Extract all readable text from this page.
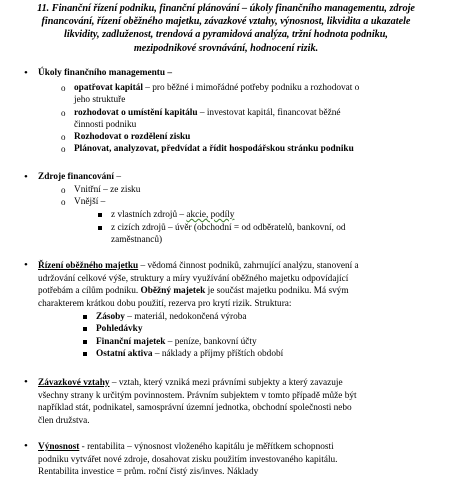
11. Finanční řízení podniku, finanční plánování – úkoly finančního managementu, zdroje
financování, řízení oběžného majetku, závazkové vztahy, výnosnost, likvidita a ukazatele
likvidity, zadluženost, trendová a pyramidová analýza, tržní hodnota podniku,
mezipodnikové srovnávání, hodnocení rizik.
• Úkoly finančního managementu –
o opatřovat kapitál – pro běžné i mimořádné potřeby podniku a rozhodovat o
jeho struktuře
o rozhodovat o umístění kapitálu – investovat kapitál, financovat běžné
činnosti podniku
o Rozhodovat o rozdělení zisku
o Plánovat, analyzovat, předvídat a řídit hospodářskou stránku podniku
• Zdroje financování –
o Vnitřní – ze zisku
o Vnější –
z vlastních zdrojů – akcie, podíly
z cizích zdrojů – úvěr (obchodní = od odběratelů, bankovní, od
zaměstnanců)
• Řízení oběžného majetku – vědomá činnost podniků, zahrnující analýzu, stanovení a
udržování celkové výše, struktury a míry využívání oběžného majetku odpovídající
potřebám a cílům podniku. Oběžný majetek je součást majetku podniku. Má svým
charakterem krátkou dobu použití, rezerva pro krytí rizik. Struktura:
Zásoby – materiál, nedokončená výroba
Pohledávky
Finanční majetek – peníze, bankovní účty
Ostatní aktiva – náklady a příjmy příštích období
• Závazkové vztahy – vztah, který vzniká mezi právními subjekty a který zavazuje
všechny strany k určitým povinnostem. Právním subjektem v tomto případě může být
například stát, podnikatel, samosprávní územní jednotka, obchodní společnosti nebo
člen družstva.
• Výnosnost - rentabilita – výnosnost vloženého kapitálu je měřítkem schopnosti
podniku vytvářet nové zdroje, dosahovat zisku použitím investovaného kapitálu.
Rentabilita investice = prům. roční čistý zis/inves. Náklady
